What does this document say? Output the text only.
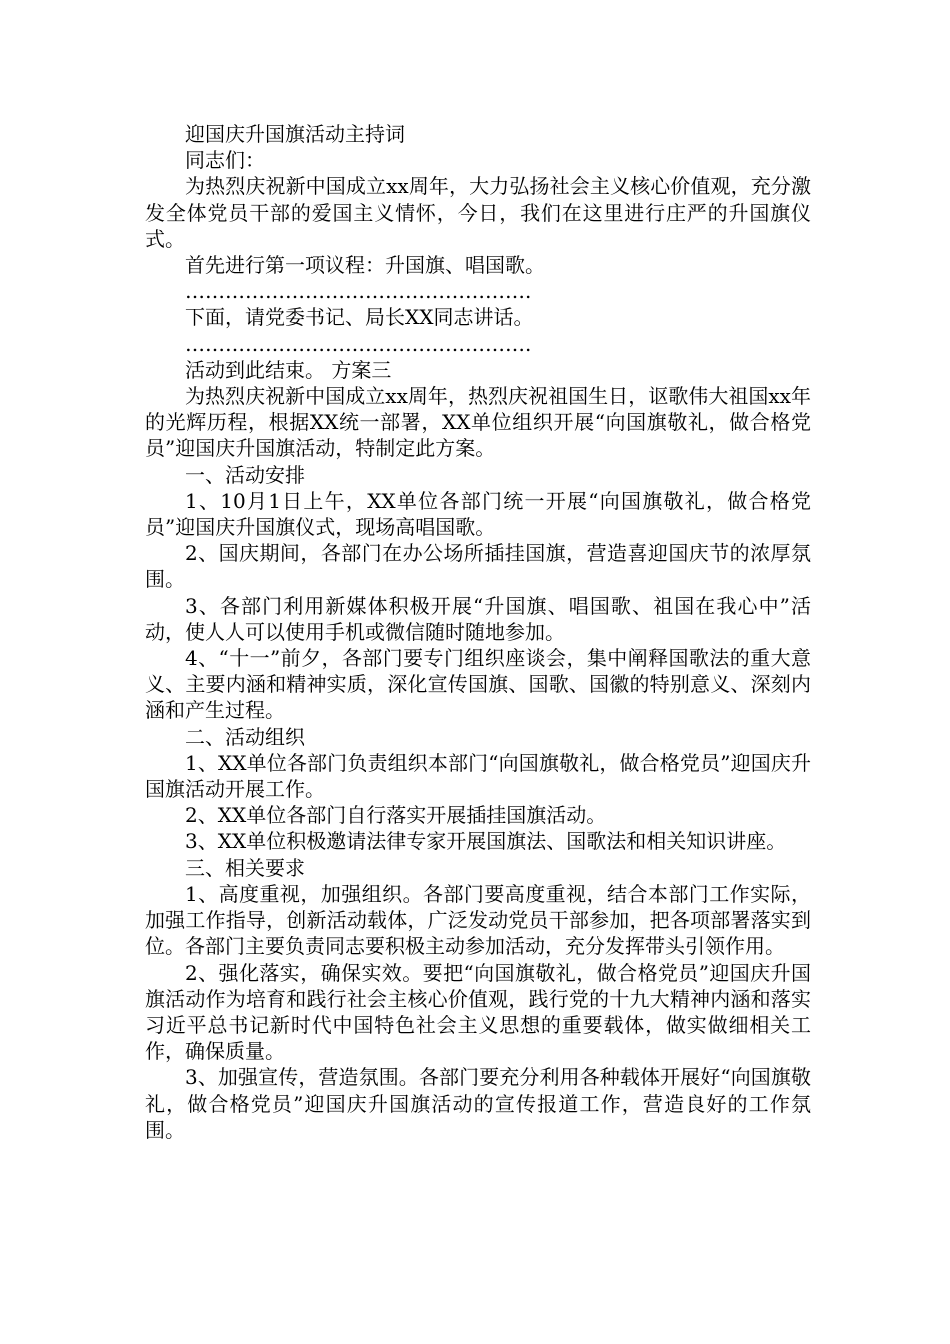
迎国庆升国旗活动主持词

同志们：

为热烈庆祝新中国成立xx周年，大力弘扬社会主义核心价值观，充分激发全体党员干部的爱国主义情怀，今日，我们在这里进行庄严的升国旗仪式。

首先进行第一项议程：升国旗、唱国歌。

…………………………………………….

下面，请党委书记、局长XX同志讲话。

…………………………………………….

活动到此结束。 方案三

为热烈庆祝新中国成立xx周年，热烈庆祝祖国生日，讴歌伟大祖国xx年的光辉历程，根据XX统一部署，XX单位组织开展“向国旗敬礼，做合格党员”迎国庆升国旗活动，特制定此方案。

一、活动安排

1、10月1日上午，XX单位各部门统一开展“向国旗敬礼，做合格党员”迎国庆升国旗仪式，现场高唱国歌。

2、国庆期间，各部门在办公场所插挂国旗，营造喜迎国庆节的浓厚氛围。

3、各部门利用新媒体积极开展“升国旗、唱国歌、祖国在我心中”活动，使人人可以使用手机或微信随时随地参加。

4、“十一”前夕，各部门要专门组织座谈会，集中阐释国歌法的重大意义、主要内涵和精神实质，深化宣传国旗、国歌、国徽的特别意义、深刻内涵和产生过程。

二、活动组织

1、XX单位各部门负责组织本部门“向国旗敬礼，做合格党员”迎国庆升国旗活动开展工作。

2、XX单位各部门自行落实开展插挂国旗活动。

3、XX单位积极邀请法律专家开展国旗法、国歌法和相关知识讲座。

三、相关要求

1、高度重视，加强组织。各部门要高度重视，结合本部门工作实际，加强工作指导，创新活动载体，广泛发动党员干部参加，把各项部署落实到位。各部门主要负责同志要积极主动参加活动，充分发挥带头引领作用。

2、强化落实，确保实效。要把“向国旗敬礼，做合格党员”迎国庆升国旗活动作为培育和践行社会主核心价值观，践行党的十九大精神内涵和落实习近平总书记新时代中国特色社会主义思想的重要载体，做实做细相关工作，确保质量。

3、加强宣传，营造氛围。各部门要充分利用各种载体开展好“向国旗敬礼，做合格党员”迎国庆升国旗活动的宣传报道工作，营造良好的工作氛围。
